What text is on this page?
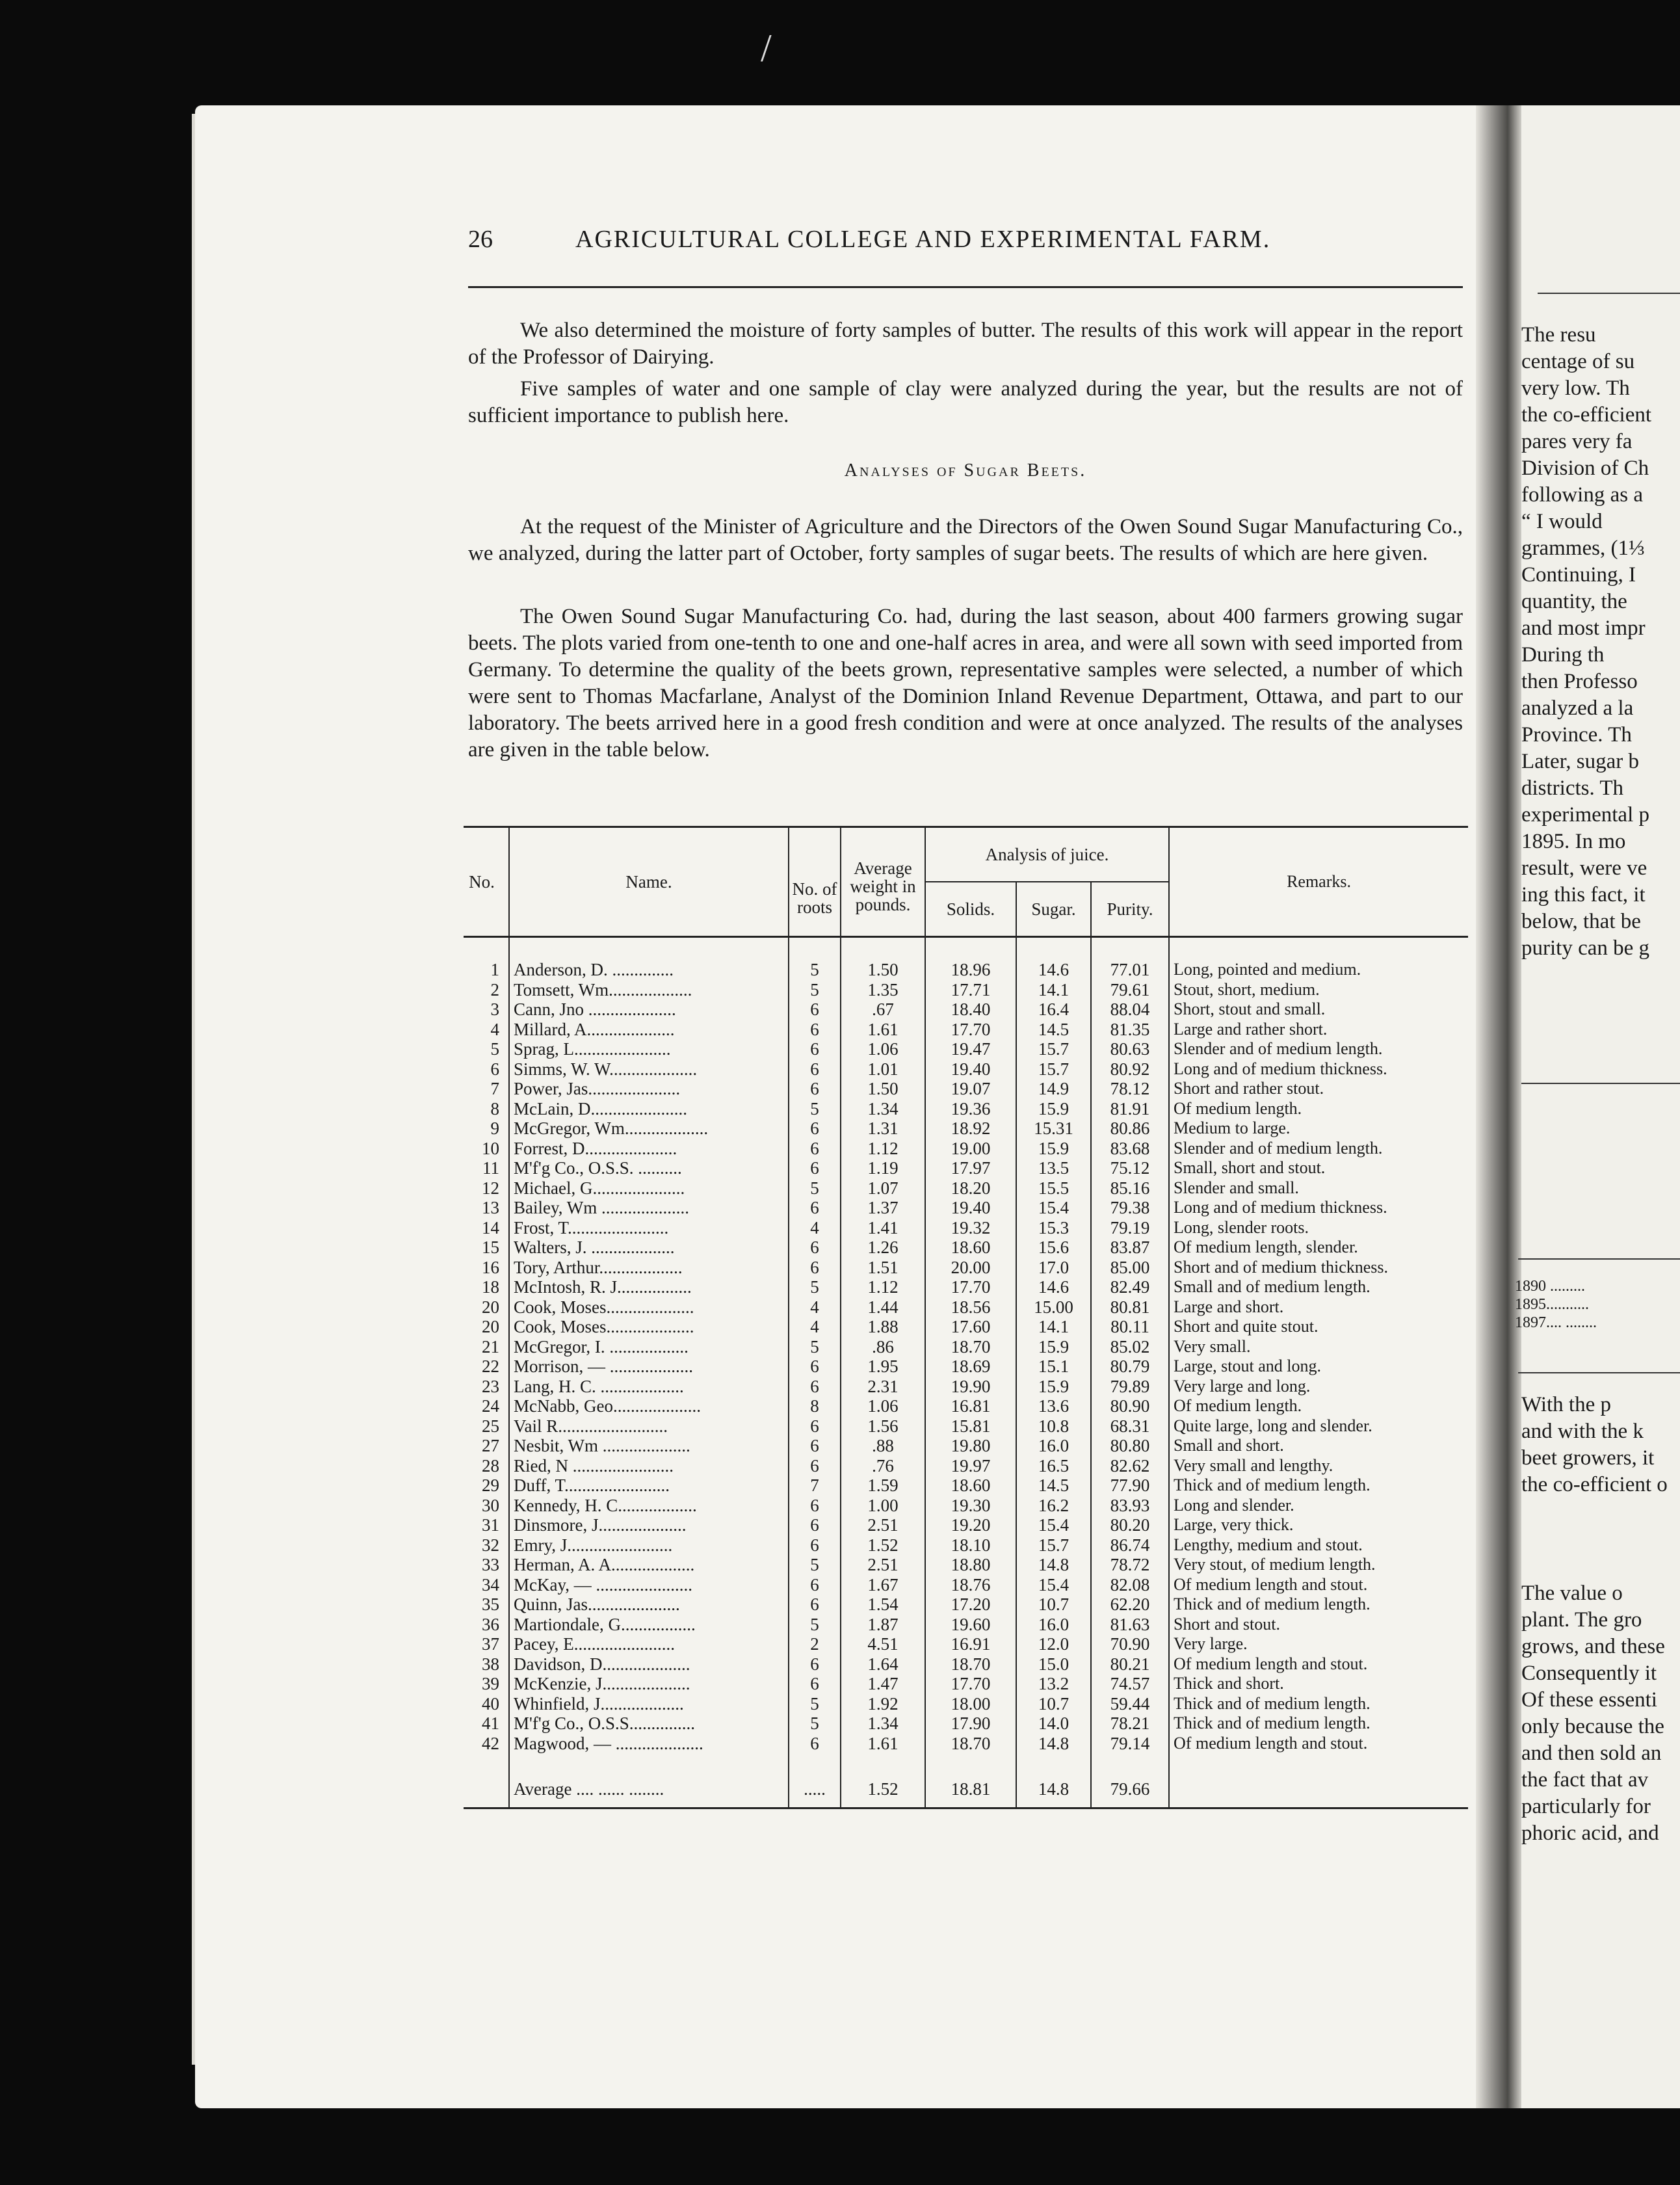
/
26	AGRICULTURAL COLLEGE AND EXPERIMENTAL FARM.

We also determined the moisture of forty samples of butter. The results of this work will appear in the report of the Professor of Dairying.

Five samples of water and one sample of clay were analyzed during the year, but the results are not of sufficient importance to publish here.

Analyses of Sugar Beets.

At the request of the Minister of Agriculture and the Directors of the Owen Sound Sugar Manufacturing Co., we analyzed, during the latter part of October, forty samples of sugar beets. The results of which are here given.

The Owen Sound Sugar Manufacturing Co. had, during the last season, about 400 farmers growing sugar beets. The plots varied from one-tenth to one and one-half acres in area, and were all sown with seed imported from Germany. To determine the quality of the beets grown, representative samples were selected, a number of which were sent to Thomas Macfarlane, Analyst of the Dominion Inland Revenue Department, Ottawa, and part to our laboratory. The beets arrived here in a good fresh condition and were at once analyzed. The results of the analyses are given in the table below.

No.	Name.	No. of roots	Average weight in pounds.	Analysis of juice.			Remarks.
				Solids.	Sugar.	Purity.	

1	Anderson, D. ..............	5	1.50	18.96	14.6	77.01	Long, pointed and medium.
2	Tomsett, Wm...................	5	1.35	17.71	14.1	79.61	Stout, short, medium.
3	Cann, Jno ....................	6	.67	18.40	16.4	88.04	Short, stout and small.
4	Millard, A....................	6	1.61	17.70	14.5	81.35	Large and rather short.
5	Sprag, L......................	6	1.06	19.47	15.7	80.63	Slender and of medium length.
6	Simms, W. W....................	6	1.01	19.40	15.7	80.92	Long and of medium thickness.
7	Power, Jas.....................	6	1.50	19.07	14.9	78.12	Short and rather stout.
8	McLain, D......................	5	1.34	19.36	15.9	81.91	Of medium length.
9	McGregor, Wm...................	6	1.31	18.92	15.31	80.86	Medium to large.
10	Forrest, D.....................	6	1.12	19.00	15.9	83.68	Slender and of medium length.
11	M'f'g Co., O.S.S. ..........	6	1.19	17.97	13.5	75.12	Small, short and stout.
12	Michael, G.....................	5	1.07	18.20	15.5	85.16	Slender and small.
13	Bailey, Wm ....................	6	1.37	19.40	15.4	79.38	Long and of medium thickness.
14	Frost, T.......................	4	1.41	19.32	15.3	79.19	Long, slender roots.
15	Walters, J. ...................	6	1.26	18.60	15.6	83.87	Of medium length, slender.
16	Tory, Arthur...................	6	1.51	20.00	17.0	85.00	Short and of medium thickness.
18	McIntosh, R. J.................	5	1.12	17.70	14.6	82.49	Small and of medium length.
20	Cook, Moses....................	4	1.44	18.56	15.00	80.81	Large and short.
20	Cook, Moses....................	4	1.88	17.60	14.1	80.11	Short and quite stout.
21	McGregor, I. ..................	5	.86	18.70	15.9	85.02	Very small.
22	Morrison, — ...................	6	1.95	18.69	15.1	80.79	Large, stout and long.
23	Lang, H. C. ...................	6	2.31	19.90	15.9	79.89	Very large and long.
24	McNabb, Geo....................	8	1.06	16.81	13.6	80.90	Of medium length.
25	Vail R.........................	6	1.56	15.81	10.8	68.31	Quite large, long and slender.
27	Nesbit, Wm ....................	6	.88	19.80	16.0	80.80	Small and short.
28	Ried, N .......................	6	.76	19.97	16.5	82.62	Very small and lengthy.
29	Duff, T........................	7	1.59	18.60	14.5	77.90	Thick and of medium length.
30	Kennedy, H. C..................	6	1.00	19.30	16.2	83.93	Long and slender.
31	Dinsmore, J....................	6	2.51	19.20	15.4	80.20	Large, very thick.
32	Emry, J........................	6	1.52	18.10	15.7	86.74	Lengthy, medium and stout.
33	Herman, A. A...................	5	2.51	18.80	14.8	78.72	Very stout, of medium length.
34	McKay, — ......................	6	1.67	18.76	15.4	82.08	Of medium length and stout.
35	Quinn, Jas.....................	6	1.54	17.20	10.7	62.20	Thick and of medium length.
36	Martiondale, G.................	5	1.87	19.60	16.0	81.63	Short and stout.
37	Pacey, E.......................	2	4.51	16.91	12.0	70.90	Very large.
38	Davidson, D....................	6	1.64	18.70	15.0	80.21	Of medium length and stout.
39	McKenzie, J....................	6	1.47	17.70	13.2	74.57	Thick and short.
40	Whinfield, J...................	5	1.92	18.00	10.7	59.44	Thick and of medium length.
41	M'f'g Co., O.S.S...............	5	1.34	17.90	14.0	78.21	Thick and of medium length.
42	Magwood, — ....................	6	1.61	18.70	14.8	79.14	Of medium length and stout.

	Average .... ...... ........	.....	1.52	18.81	14.8	79.66	

The resu
centage of su
very low. Th
the co-efficient
pares very fa
Division of Ch
following as a
“ I would
grammes, (1⅓
Continuing, I
quantity, the
and most impr
During th
then Professo
analyzed a la
Province. Th
Later, sugar b
districts. Th
experimental p
1895. In mo
result, were ve
ing this fact, it
below, that be
purity can be g
1890 .........
1895...........
1897.... ........
With the p
and with the k
beet growers, it
the co-efficient o
The value o
plant. The gro
grows, and these
Consequently it
Of these essenti
only because the
and then sold an
the fact that av
particularly for
phoric acid, and
